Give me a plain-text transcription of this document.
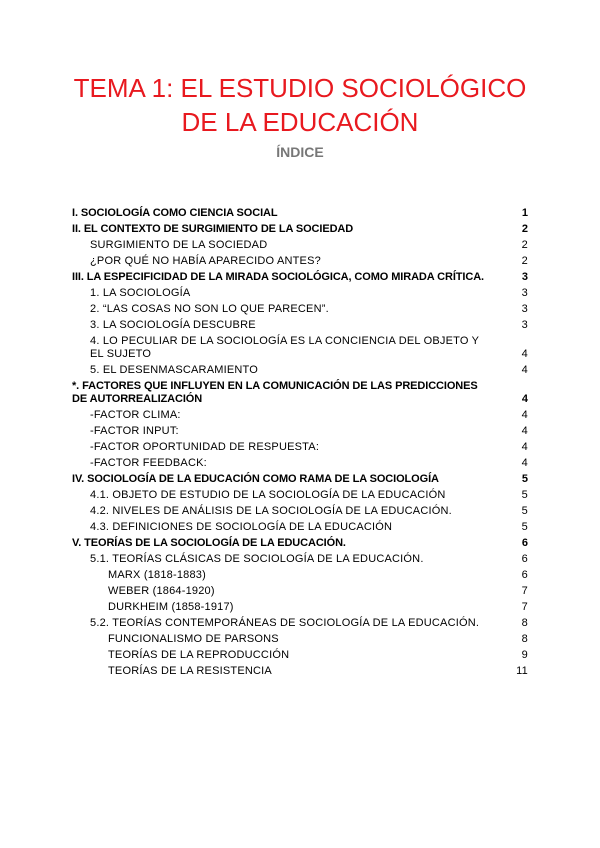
TEMA 1: EL ESTUDIO SOCIOLÓGICO
DE LA EDUCACIÓN
ÍNDICE
I. SOCIOLOGÍA COMO CIENCIA SOCIAL	1
II. EL CONTEXTO DE SURGIMIENTO DE LA SOCIEDAD	2
SURGIMIENTO DE LA SOCIEDAD	2
¿POR QUÉ NO HABÍA APARECIDO ANTES?	2
III. LA ESPECIFICIDAD DE LA MIRADA SOCIOLÓGICA, COMO MIRADA CRÍTICA.	3
1. LA SOCIOLOGÍA	3
2. “LAS COSAS NO SON LO QUE PARECEN”.	3
3. LA SOCIOLOGÍA DESCUBRE	3
4. LO PECULIAR DE LA SOCIOLOGÍA ES LA CONCIENCIA DEL OBJETO Y EL SUJETO	4
5. EL DESENMASCARAMIENTO	4
*. FACTORES QUE INFLUYEN EN LA COMUNICACIÓN DE LAS PREDICCIONES DE AUTORREALIZACIÓN	4
-FACTOR CLIMA:	4
-FACTOR INPUT:	4
-FACTOR OPORTUNIDAD DE RESPUESTA:	4
-FACTOR FEEDBACK:	4
IV. SOCIOLOGÍA DE LA EDUCACIÓN COMO RAMA DE LA SOCIOLOGÍA	5
4.1. OBJETO DE ESTUDIO DE LA SOCIOLOGÍA DE LA EDUCACIÓN	5
4.2. NIVELES DE ANÁLISIS DE LA SOCIOLOGÍA DE LA EDUCACIÓN.	5
4.3. DEFINICIONES DE SOCIOLOGÍA DE LA EDUCACIÓN	5
V. TEORÍAS DE LA SOCIOLOGÍA DE LA EDUCACIÓN.	6
5.1. TEORÍAS CLÁSICAS DE SOCIOLOGÍA DE LA EDUCACIÓN.	6
MARX (1818-1883)	6
WEBER (1864-1920)	7
DURKHEIM (1858-1917)	7
5.2. TEORÍAS CONTEMPORÁNEAS DE SOCIOLOGÍA DE LA EDUCACIÓN.	8
FUNCIONALISMO DE PARSONS	8
TEORÍAS DE LA REPRODUCCIÓN	9
TEORÍAS DE LA RESISTENCIA	11
